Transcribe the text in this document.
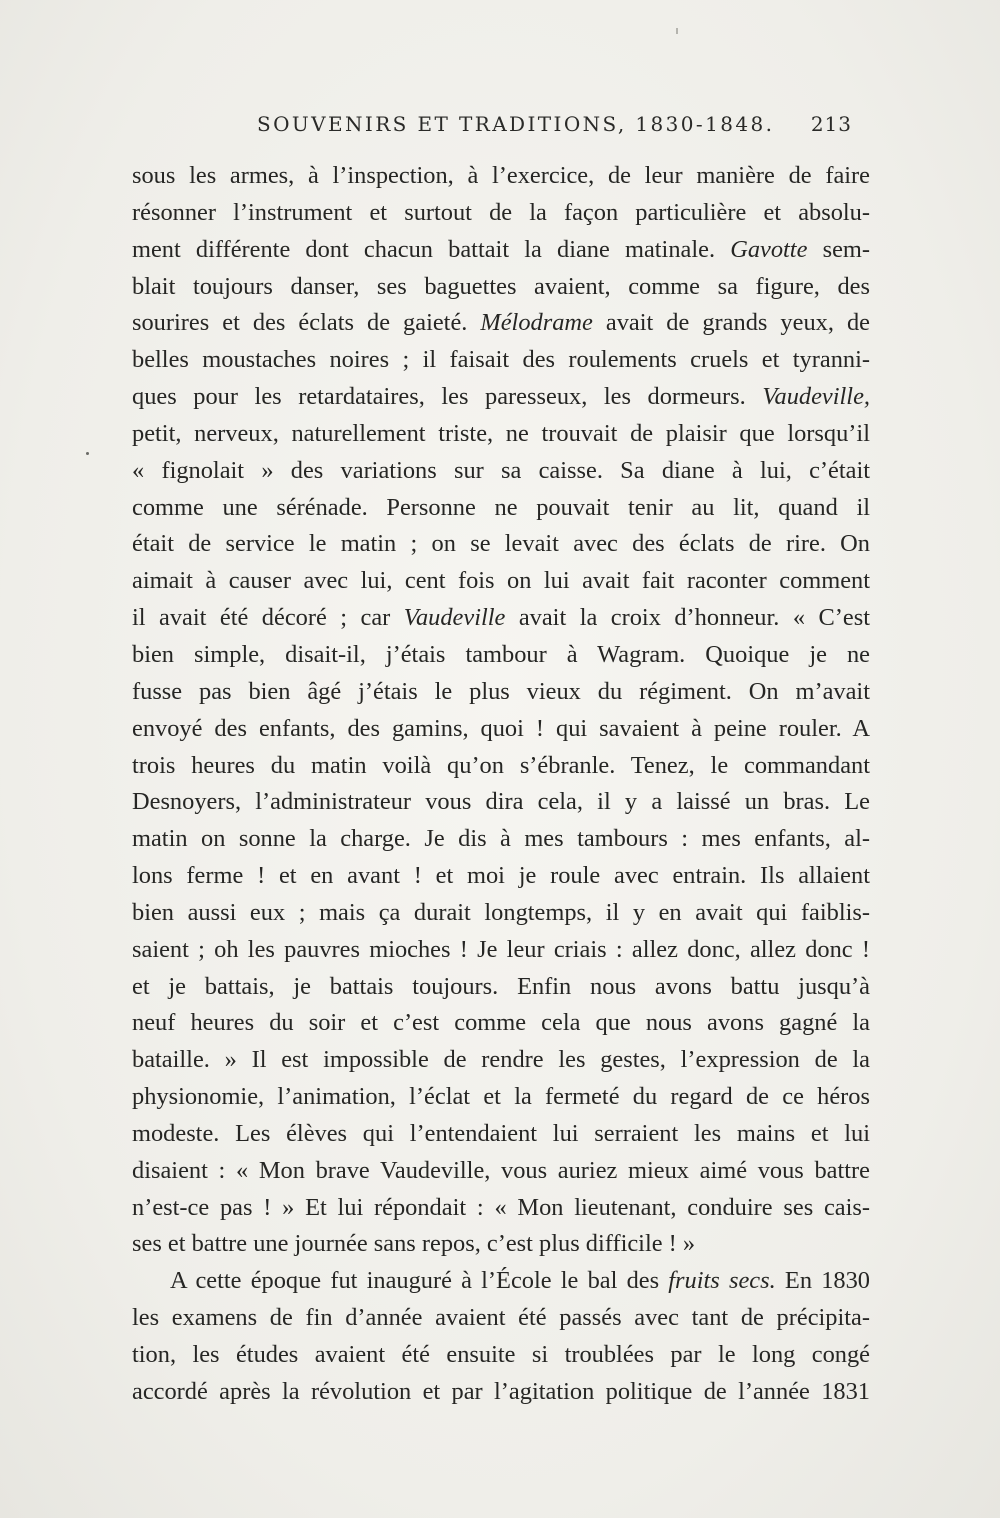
SOUVENIRS ET TRADITIONS, 1830-1848. 213
sous les armes, à l’inspection, à l’exercice, de leur manière de faire
résonner l’instrument et surtout de la façon particulière et absolu-
ment différente dont chacun battait la diane matinale. Gavotte sem-
blait toujours danser, ses baguettes avaient, comme sa figure, des
sourires et des éclats de gaieté. Mélodrame avait de grands yeux, de
belles moustaches noires ; il faisait des roulements cruels et tyranni-
ques pour les retardataires, les paresseux, les dormeurs. Vaudeville,
petit, nerveux, naturellement triste, ne trouvait de plaisir que lorsqu’il
« fignolait » des variations sur sa caisse. Sa diane à lui, c’était
comme une sérénade. Personne ne pouvait tenir au lit, quand il
était de service le matin ; on se levait avec des éclats de rire. On
aimait à causer avec lui, cent fois on lui avait fait raconter comment
il avait été décoré ; car Vaudeville avait la croix d’honneur. « C’est
bien simple, disait-il, j’étais tambour à Wagram. Quoique je ne
fusse pas bien âgé j’étais le plus vieux du régiment. On m’avait
envoyé des enfants, des gamins, quoi ! qui savaient à peine rouler. A
trois heures du matin voilà qu’on s’ébranle. Tenez, le commandant
Desnoyers, l’administrateur vous dira cela, il y a laissé un bras. Le
matin on sonne la charge. Je dis à mes tambours : mes enfants, al-
lons ferme ! et en avant ! et moi je roule avec entrain. Ils allaient
bien aussi eux ; mais ça durait longtemps, il y en avait qui faiblis-
saient ; oh les pauvres mioches ! Je leur criais : allez donc, allez donc !
et je battais, je battais toujours. Enfin nous avons battu jusqu’à
neuf heures du soir et c’est comme cela que nous avons gagné la
bataille. » Il est impossible de rendre les gestes, l’expression de la
physionomie, l’animation, l’éclat et la fermeté du regard de ce héros
modeste. Les élèves qui l’entendaient lui serraient les mains et lui
disaient : « Mon brave Vaudeville, vous auriez mieux aimé vous battre
n’est-ce pas ! » Et lui répondait : « Mon lieutenant, conduire ses cais-
ses et battre une journée sans repos, c’est plus difficile ! »
A cette époque fut inauguré à l’École le bal des fruits secs. En 1830
les examens de fin d’année avaient été passés avec tant de précipita-
tion, les études avaient été ensuite si troublées par le long congé
accordé après la révolution et par l’agitation politique de l’année 1831
